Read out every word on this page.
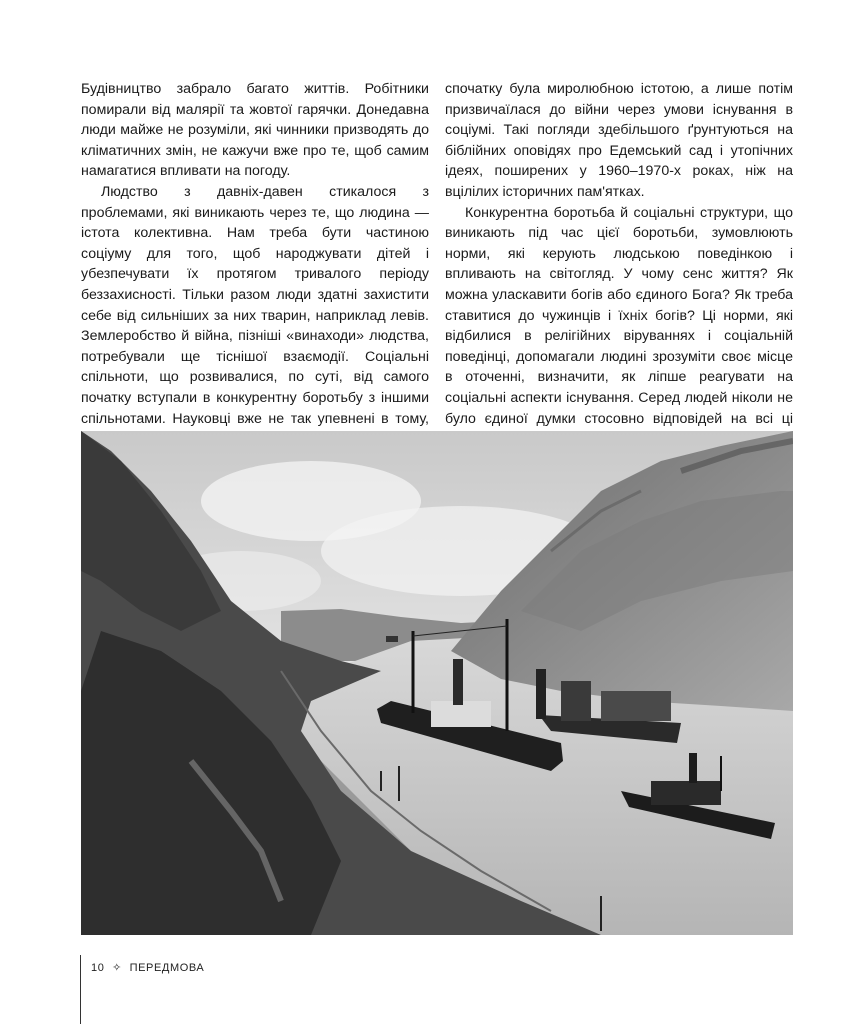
Будівництво забрало багато життів. Робітники помирали від малярії та жовтої гарячки. Донедавна люди майже не розуміли, які чинники призводять до кліматичних змін, не кажучи вже про те, щоб самим намагатися впливати на погоду.

Людство з давніх-давен стикалося з проблемами, які виникають через те, що людина — істота колективна. Нам треба бути частиною соціуму для того, щоб народжувати дітей і убезпечувати їх протягом тривалого періоду беззахисності. Тільки разом люди здатні захистити себе від сильніших за них тварин, наприклад левів. Землеробство й війна, пізніші «винаходи» людства, потребували ще тіснішої взаємодії. Соціальні спільноти, що розвивалися, по суті, від самого початку вступали в конкурентну боротьбу з іншими спільнотами. Науковці вже не так упевнені в тому,

спочатку була миролюбною істотою, а лише потім призвичаїлася до війни через умови існування в соціумі. Такі погляди здебільшого ґрунтуються на біблійних оповідях про Едемський сад і утопічних ідеях, поширених у 1960–1970-х роках, ніж на вцілілих історичних пам'ятках.

Конкурентна боротьба й соціальні структури, що виникають під час цієї боротьби, зумовлюють норми, які керують людською поведінкою і впливають на світогляд. У чому сенс життя? Як можна уласкавити богів або єдиного Бога? Як треба ставитися до чужинців і їхніх богів? Ці норми, які відбилися в релігійних віруваннях і соціальній поведінці, допомагали людині зрозуміти своє місце в оточенні, визначити, як ліпше реагувати на соціальні аспекти існування. Серед людей ніколи не було єдиної думки стосовно відповідей на всі ці

10 ✧ ПЕРЕДМОВА
